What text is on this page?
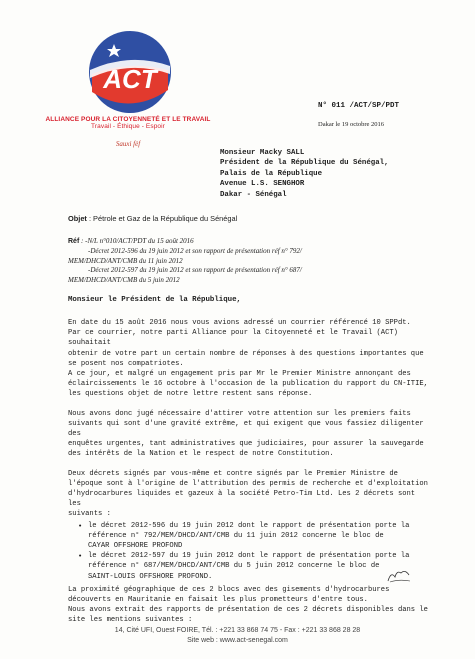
ACT
ALLIANCE POUR LA CITOYENNETÉ ET LE TRAVAIL
Travail - Éthique - Espoir
Sauxi fèf
N° 011 /ACT/SP/PDT
Dakar le 19 octobre 2016
Monsieur Macky SALL
Président de la République du Sénégal,
Palais de la République
Avenue L.S. SENGHOR
Dakar - Sénégal
Objet : Pétrole et Gaz de la République du Sénégal
Réf : -N/L n°010/ACT/PDT du 15 août 2016
-Décret 2012-596 du 19 juin 2012 et son rapport de présentation réf n° 792/
MEM/DHCD/ANT/CMB du 11 juin 2012
-Décret 2012-597 du 19 juin 2012 et son rapport de présentation réf n° 687/
MEM/DHCD/ANT/CMB du 5 juin 2012
Monsieur le Président de la République,

En date du 15 août 2016 nous vous avions adressé un courrier référencé 10 SPPdt.
Par ce courrier, notre parti Alliance pour la Citoyenneté et le Travail (ACT) souhaitait
obtenir de votre part un certain nombre de réponses à des questions importantes que
se posent nos compatriotes.
A ce jour, et malgré un engagement pris par Mr le Premier Ministre annonçant des
éclaircissements le 16 octobre à l'occasion de la publication du rapport du CN-ITIE,
les questions objet de notre lettre restent sans réponse.

Nous avons donc jugé nécessaire d'attirer votre attention sur les premiers faits
suivants qui sont d'une gravité extrême, et qui exigent que vous fassiez diligenter des
enquêtes urgentes, tant administratives que judiciaires, pour assurer la sauvegarde
des intérêts de la Nation et le respect de notre Constitution.

Deux décrets signés par vous-même et contre signés par le Premier Ministre de
l'époque sont à l'origine de l'attribution des permis de recherche et d'exploitation
d'hydrocarbures liquides et gazeux à la société Petro-Tim Ltd. Les 2 décrets sont les
suivants :

• le décret 2012-596 du 19 juin 2012 dont le rapport de présentation porte la
référence n° 792/MEM/DHCD/ANT/CMB du 11 juin 2012 concerne le bloc de
CAYAR OFFSHORE PROFOND
• le décret 2012-597 du 19 juin 2012 dont le rapport de présentation porte la
référence n° 687/MEM/DHCD/ANT/CMB du 5 juin 2012 concerne le bloc de
SAINT-LOUIS OFFSHORE PROFOND.

La proximité géographique de ces 2 blocs avec des gisements d'hydrocarbures
découverts en Mauritanie en faisait les plus prometteurs d'entre tous.
Nous avons extrait des rapports de présentation de ces 2 décrets disponibles dans le
site les mentions suivantes :

14, Cité UFI, Ouest FOIRE, Tél. : +221 33 868 74 75 - Fax : +221 33 868 28 28
Site web : www.act-senegal.com
